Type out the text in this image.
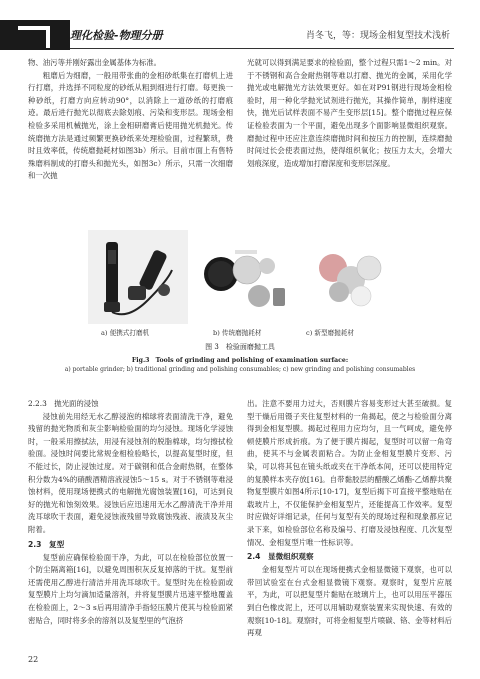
理化检验-物理分册	肖冬飞，等：现场金相复型技术浅析

物、油污等并刚好露出金属基体为标准。

粗磨后为细磨，一般用带张曲的金相砂纸集在打磨机上进行打磨，并选择不同粒度的砂纸从粗到细进行打磨。每更换一种砂纸，打磨方向应转动90°，以消除上一道砂纸的打磨痕迹。最后进行抛光以彻底去除划痕、污染和变形层。现场金相检验多采用机械抛光，涂上金相研磨膏后使用抛光机抛光。传统磨抛方法是通过频繁更换砂纸来处理检验面，过程繁琐，费时且效率低，传统磨抛耗材如图3b）所示。目前市面上有售特殊磨料制成的打磨头和抛光头，如图3c）所示，只需一次细磨和一次抛

光就可以得到满足要求的检验面，整个过程只需1～2 min。对于不锈钢和高合金耐热钢等难以打磨、抛光的金属，采用化学抛光或电解抛光方法效果更好。如在对P91钢进行现场金相检验时，用一种化学抛光试剂进行抛光，其操作简单，制样速度快，抛光后试样表面不易产生变形层[15]。整个磨抛过程应保证检验表面为一个平面，避免出现多个面影响显微组织观察。磨抛过程中还应注意连续磨抛时间和按压力的控制，连续磨抛时间过长会使表面过热，使得组织氧化；按压力太大，会增大划痕深度，造成增加打磨深度和变形层深度。

a) 便携式打磨机	b) 传统磨抛耗材	c) 新型磨抛耗材
图 3　检验面磨抛工具
Fig.3　Tools of grinding and polishing of examination surface:
a) portable grinder; b) traditional grinding and polishing consumables; c) new grinding and polishing consumables
2.2.3　抛光面的浸蚀

浸蚀前先用经无水乙醇浸泡的棉球将表面清洗干净，避免残留的抛光物质和灰尘影响检验面的均匀浸蚀。现场化学浸蚀时，一般采用擦拭法，用浸有浸蚀剂的脱脂棉球，均匀擦拭检验面。浸蚀时间要比常规金相检验略长，以提高复型时度，但不能过长，防止浸蚀过度。对于碳钢和低合金耐热钢，在整体积分数为4%的硝酸酒精溶液浸蚀5～15 s。对于不锈钢等难浸蚀材料，使用现场便携式的电解抛光腐蚀装置[16]，可达到良好的抛光和蚀刻效果。浸蚀后应迅速用无水乙醇清洗干净并用洗耳球吹干表面，避免浸蚀液残留导致腐蚀残液、液渍及灰尘附着。

2.3　复型

复型前应确保检验面干净，为此，可以在检验部位放置一个防尘隔离箱[16]，以避免周围积灰反复掉落的干扰。复型前还需使用乙醇进行清洁并用洗耳球吹干。复型时先在检验面或复型膜片上均匀滴加适量溶剂，并将复型膜片迅速平整地覆盖在检验面上，2～3 s后再用清净手指轻压膜片使其与检验面紧密贴合，同时将多余的溶剂以及复型里的气泡挤

出。注意不要用力过大，否则膜片容易变形过大甚至破损。复型干燥后用镊子夹住复型材料的一角揭起，使之与检验面分离得到金相复型膜。揭起过程用力应均匀，且一气呵成，避免停顿使膜片形成折痕。为了便于膜片揭起，复型时可以留一角弯曲，使其不与金属表面粘合。为防止金相复型膜片变形、污染，可以将其包在镜头纸或夹在干净纸本间，还可以使用特定的复膜样本夹存放[16]。自带黏胶层的醋酸乙烯酯-乙烯醇共聚物复型膜片如图4所示[10-17]，复型后揭下可直接平整地贴在载玻片上，不仅能保护金相复型片，还能提高工作效率。复型时应做好详细记录，任何与复型有关的现场过程和现象都应记录下来，如检验部位名称及编号、打磨及浸蚀程度、几次复型情况、金相复型片唯一性标识等。

2.4　显微组织观察

金相复型片可以在现场便携式金相显微镜下观察，也可以带回试验室在台式金相显微镜下观察。观察时，复型片应展平，为此，可以把复型片黏贴在玻璃片上，也可以用压平器压到白色橡皮泥上，还可以用辅助观察装置来实现快速、有效的观察[10-18]。观察时，可将金相复型片喷碳、铬、金等材料后再观

22
